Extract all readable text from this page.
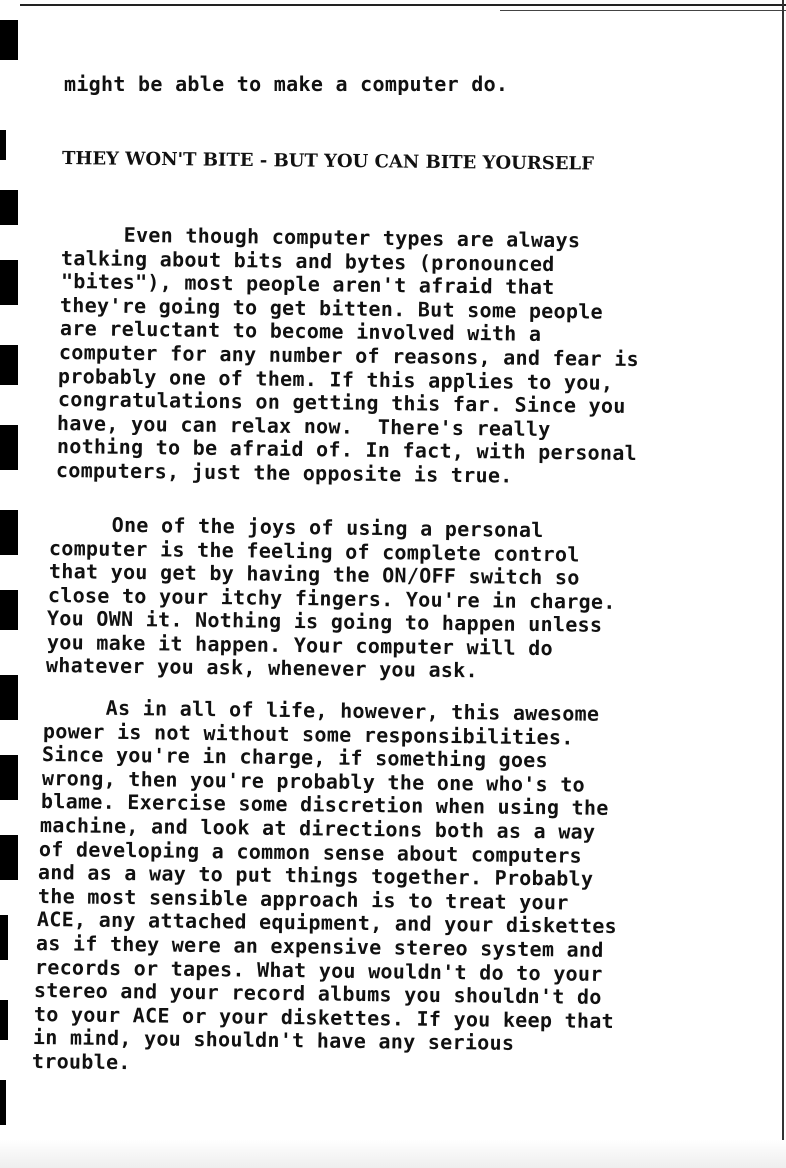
might be able to make a computer do.
THEY WON'T BITE - BUT YOU CAN BITE YOURSELF
Even though computer types are always
talking about bits and bytes (pronounced
"bites"), most people aren't afraid that
they're going to get bitten. But some people
are reluctant to become involved with a
computer for any number of reasons, and fear is
probably one of them. If this applies to you,
congratulations on getting this far. Since you
have, you can relax now.  There's really
nothing to be afraid of. In fact, with personal
computers, just the opposite is true.
One of the joys of using a personal
computer is the feeling of complete control
that you get by having the ON/OFF switch so
close to your itchy fingers. You're in charge.
You OWN it. Nothing is going to happen unless
you make it happen. Your computer will do
whatever you ask, whenever you ask.
As in all of life, however, this awesome
power is not without some responsibilities.
Since you're in charge, if something goes
wrong, then you're probably the one who's to
blame. Exercise some discretion when using the
machine, and look at directions both as a way
of developing a common sense about computers
and as a way to put things together. Probably
the most sensible approach is to treat your
ACE, any attached equipment, and your diskettes
as if they were an expensive stereo system and
records or tapes. What you wouldn't do to your
stereo and your record albums you shouldn't do
to your ACE or your diskettes. If you keep that
in mind, you shouldn't have any serious
trouble.
